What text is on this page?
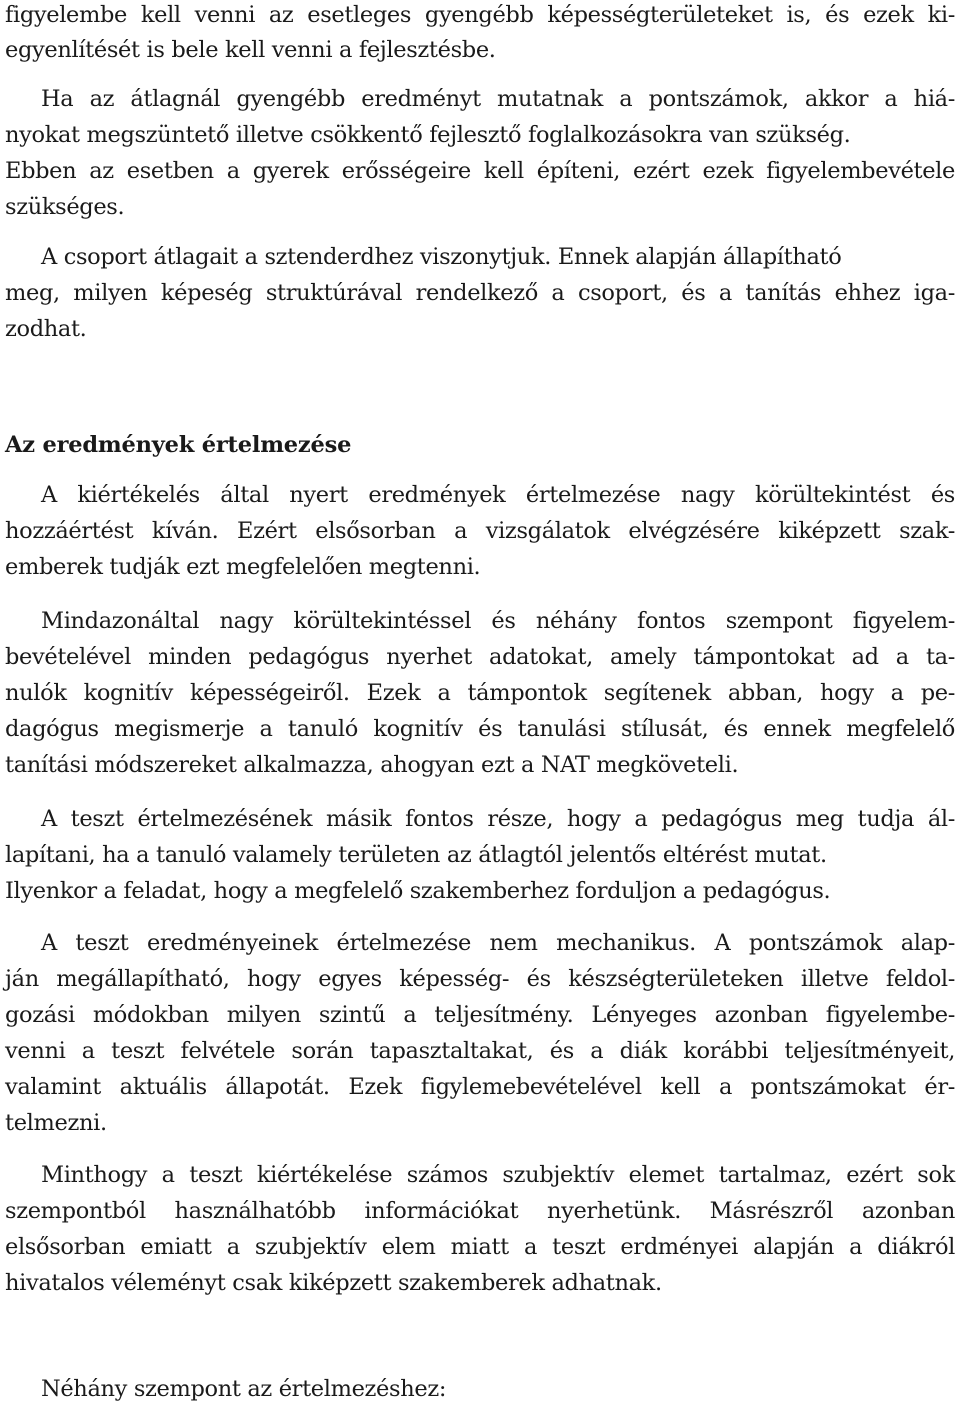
figyelembe kell venni az esetleges gyengébb képességterületeket is, és ezek ki-
egyenlítését is bele kell venni a fejlesztésbe.
Ha az átlagnál gyengébb eredményt mutatnak a pontszámok, akkor a hiá-
nyokat megszüntető illetve csökkentő fejlesztő foglalkozásokra van szükség.
Ebben az esetben a gyerek erősségeire kell építeni, ezért ezek figyelembevétele
szükséges.
A csoport átlagait a sztenderdhez viszonytjuk. Ennek alapján állapítható
meg, milyen képeség struktúrával rendelkező a csoport, és a tanítás ehhez iga-
zodhat.
Az eredmények értelmezése
A kiértékelés által nyert eredmények értelmezése nagy körültekintést és
hozzáértést kíván. Ezért elsősorban a vizsgálatok elvégzésére kiképzett szak-
emberek tudják ezt megfelelően megtenni.
Mindazonáltal nagy körültekintéssel és néhány fontos szempont figyelem-
bevételével minden pedagógus nyerhet adatokat, amely támpontokat ad a ta-
nulók kognitív képességeiről. Ezek a támpontok segítenek abban, hogy a pe-
dagógus megismerje a tanuló kognitív és tanulási stílusát, és ennek megfelelő
tanítási módszereket alkalmazza, ahogyan ezt a NAT megköveteli.
A teszt értelmezésének másik fontos része, hogy a pedagógus meg tudja ál-
lapítani, ha a tanuló valamely területen az átlagtól jelentős eltérést mutat.
Ilyenkor a feladat, hogy a megfelelő szakemberhez forduljon a pedagógus.
A teszt eredményeinek értelmezése nem mechanikus. A pontszámok alap-
ján megállapítható, hogy egyes képesség- és készségterületeken illetve feldol-
gozási módokban milyen szintű a teljesítmény. Lényeges azonban figyelembe-
venni a teszt felvétele során tapasztaltakat, és a diák korábbi teljesítményeit,
valamint aktuális állapotát. Ezek figylemebevételével kell a pontszámokat ér-
telmezni.
Minthogy a teszt kiértékelése számos szubjektív elemet tartalmaz, ezért sok
szempontból használhatóbb információkat nyerhetünk. Másrészről azonban
elsősorban emiatt a szubjektív elem miatt a teszt erdményei alapján a diákról
hivatalos véleményt csak kiképzett szakemberek adhatnak.
Néhány szempont az értelmezéshez:
